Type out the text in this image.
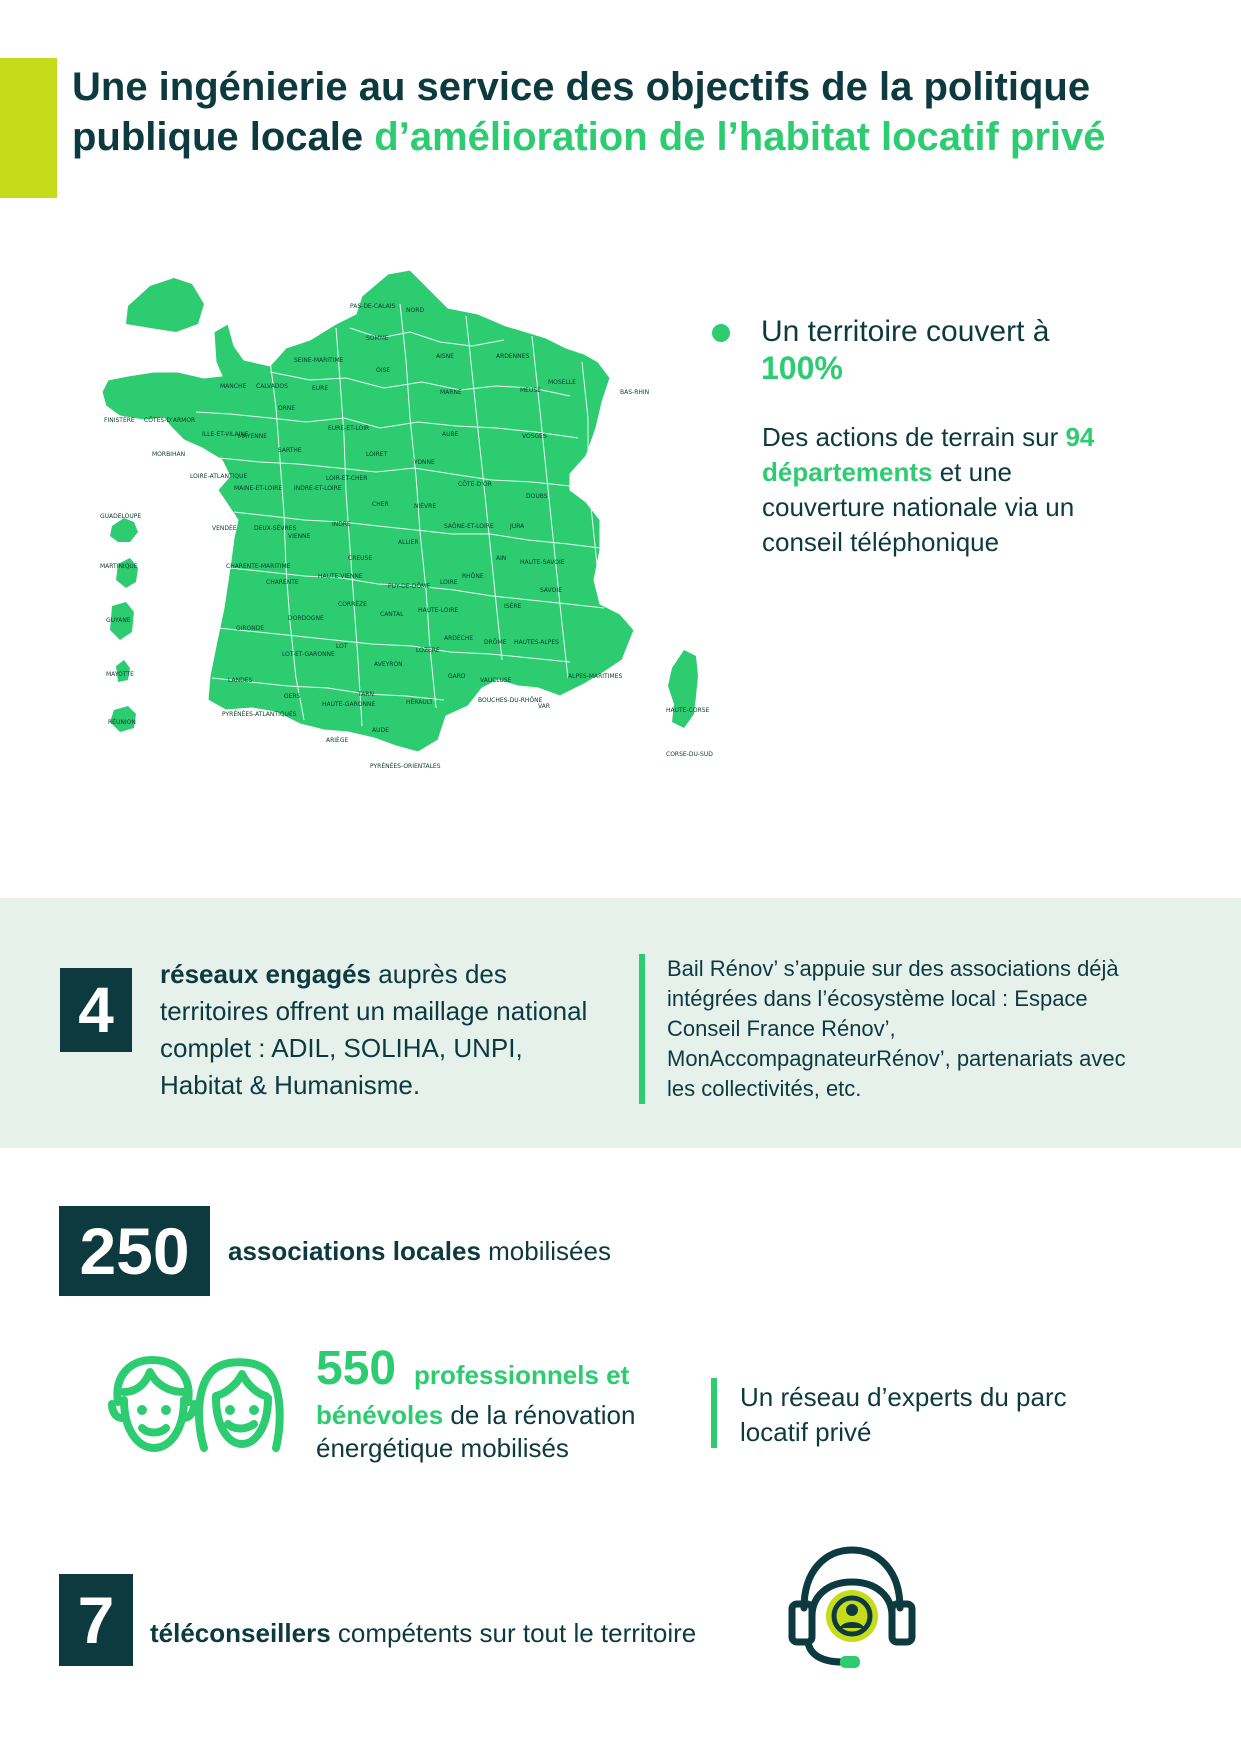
Une ingénierie au service des objectifs de la politique publique locale d’amélioration de l’habitat locatif privé
PAS-DE-CALAIS
NORD
SOMME
AISNE	ARDENNES
SEINE-MARITIME
OISE
MANCHE CALVADOS	EURE
MARNE	MEUSE
MOSELLE
BAS-RHIN
FINISTÈRE CÔTES-D’ARMOR
ILLE-ET-VILAINE
MAYENNE
ORNE
SARTHE
EURE-ET-LOIR
LOIRET
YONNE
AUBE	VOSGES
MORBIHAN
LOIRE-ATLANTIQUE
MAINE-ET-LOIRE INDRE-ET-LOIRE
LOIR-ET-CHER
CHER	NIÈVRE
CÔTE-D’OR
DOUBS
VENDÉE	DEUX-SÈVRES
VIENNE
INDRE
ALLIER
SAÔNE-ET-LOIRE	JURA
AIN
HAUTE-SAVOIE
CHARENTE-MARITIME
CHARENTE
HAUTE-VIENNE
CREUSE
PUY-DE-DÔME
LOIRE
RHÔNE
SAVOIE
CORRÈZE
CANTAL
HAUTE-LOIRE
ISÈRE
DORDOGNE
GIRONDE
LOT
ARDÈCHE
DRÔME HAUTES-ALPES
LOT-ET-GARONNE
AVEYRON
LOZÈRE
GARD
VAUCLUSE
ALPES-MARITIMES
LANDES
GERS	TARN
HÉRAULT	BOUCHES-DU-RHÔNE
VAR
PYRÉNÉES-ATLANTIQUES
HAUTE-GARONNE
AUDE
ARIÈGE
PYRÉNÉES-ORIENTALES
HAUTE-CORSE
CORSE-DU-SUD
GUADELOUPE
MARTINIQUE
GUYANE
MAYOTTE
RÉUNION
Un territoire couvert à
100%
Des actions de terrain sur 94 départements et une couverture nationale via un conseil téléphonique
4	réseaux engagés auprès des territoires offrent un maillage national complet : ADIL, SOLIHA, UNPI, Habitat & Humanisme.
Bail Rénov’ s’appuie sur des associations déjà intégrées dans l’écosystème local : Espace Conseil France Rénov’, MonAccompagnateurRénov’, partenariats avec les collectivités, etc.
250	associations locales mobilisées
550 professionnels et
bénévoles de la rénovation
énergétique mobilisés
Un réseau d’experts du parc locatif privé
7	téléconseillers compétents sur tout le territoire
